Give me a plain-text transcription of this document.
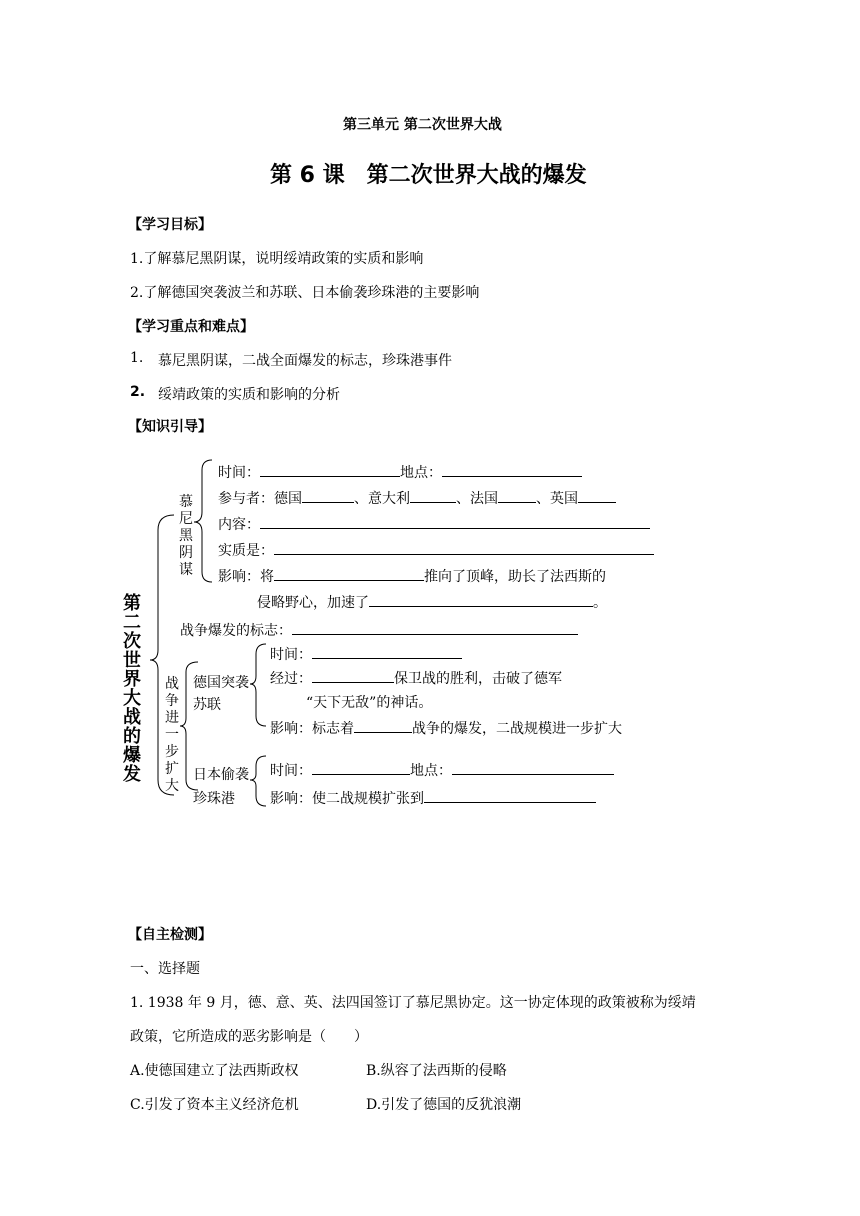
第三单元 第二次世界大战
第 6 课　第二次世界大战的爆发
【学习目标】
1.了解慕尼黑阴谋，说明绥靖政策的实质和影响
2.了解德国突袭波兰和苏联、日本偷袭珍珠港的主要影响
【学习重点和难点】
1. 慕尼黑阴谋，二战全面爆发的标志，珍珠港事件
2. 绥靖政策的实质和影响的分析
【知识引导】
第二次世界大战的爆发
慕尼黑阴谋
战争进一步扩大
时间：	地点：
参与者：德国	、意大利	、法国	、英国
内容：
实质是：
影响：将	推向了顶峰，助长了法西斯的
侵略野心，加速了	。
战争爆发的标志：
德国突袭苏联
时间：
经过：	保卫战的胜利，击破了德军
“天下无敌”的神话。
影响：标志着	战争的爆发，二战规模进一步扩大
日本偷袭
珍珠港
时间：	地点：
影响：使二战规模扩张到
【自主检测】
一、选择题
1. 1938 年 9 月，德、意、英、法四国签订了慕尼黑协定。这一协定体现的政策被称为绥靖
政策，它所造成的恶劣影响是（　　）
A.使德国建立了法西斯政权	B.纵容了法西斯的侵略
C.引发了资本主义经济危机	D.引发了德国的反犹浪潮
